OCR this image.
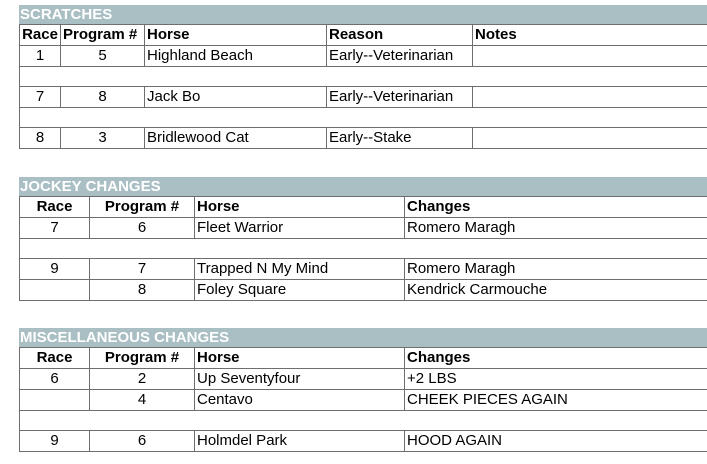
SCRATCHES
Race	Program #	Horse	Reason	Notes
1	5	Highland Beach	Early--Veterinarian	

7	8	Jack Bo	Early--Veterinarian	

8	3	Bridlewood Cat	Early--Stake	
JOCKEY CHANGES
Race	Program #	Horse	Changes
7	6	Fleet Warrior	Romero Maragh

9	7	Trapped N My Mind	Romero Maragh
	8	Foley Square	Kendrick Carmouche
MISCELLANEOUS CHANGES
Race	Program #	Horse	Changes
6	2	Up Seventyfour	+2 LBS
	4	Centavo	CHEEK PIECES AGAIN

9	6	Holmdel Park	HOOD AGAIN
